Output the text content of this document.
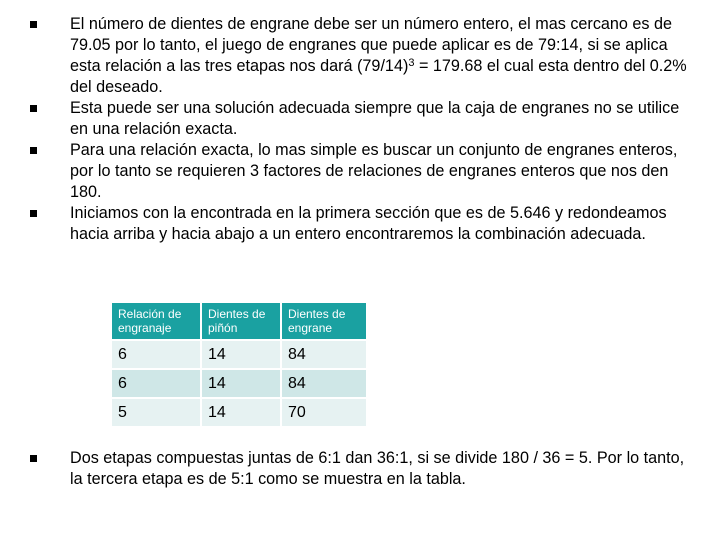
El número de dientes de engrane debe ser un número entero, el mas cercano es de 79.05 por lo tanto, el juego de engranes que puede aplicar es de 79:14, si se aplica esta relación a las tres etapas nos dará $(79/14)^3 = 179.68$ el cual esta dentro del 0.2% del deseado.
Esta puede ser una solución adecuada siempre que la caja de engranes no se utilice en una relación exacta.
Para una relación exacta, lo mas simple es buscar un conjunto de engranes enteros, por lo tanto se requieren 3 factores de relaciones de engranes enteros que nos den 180.
Iniciamos con la encontrada en la primera sección que es de 5.646 y redondeamos hacia arriba y hacia abajo a un entero encontraremos la combinación adecuada.
Relación de engranaje	Dientes de piñón	Dientes de engrane
6	14	84
6	14	84
5	14	70
Dos etapas compuestas juntas de 6:1 dan 36:1, si se divide 180 / 36 = 5. Por lo tanto, la tercera etapa es de 5:1 como se muestra en la tabla.
